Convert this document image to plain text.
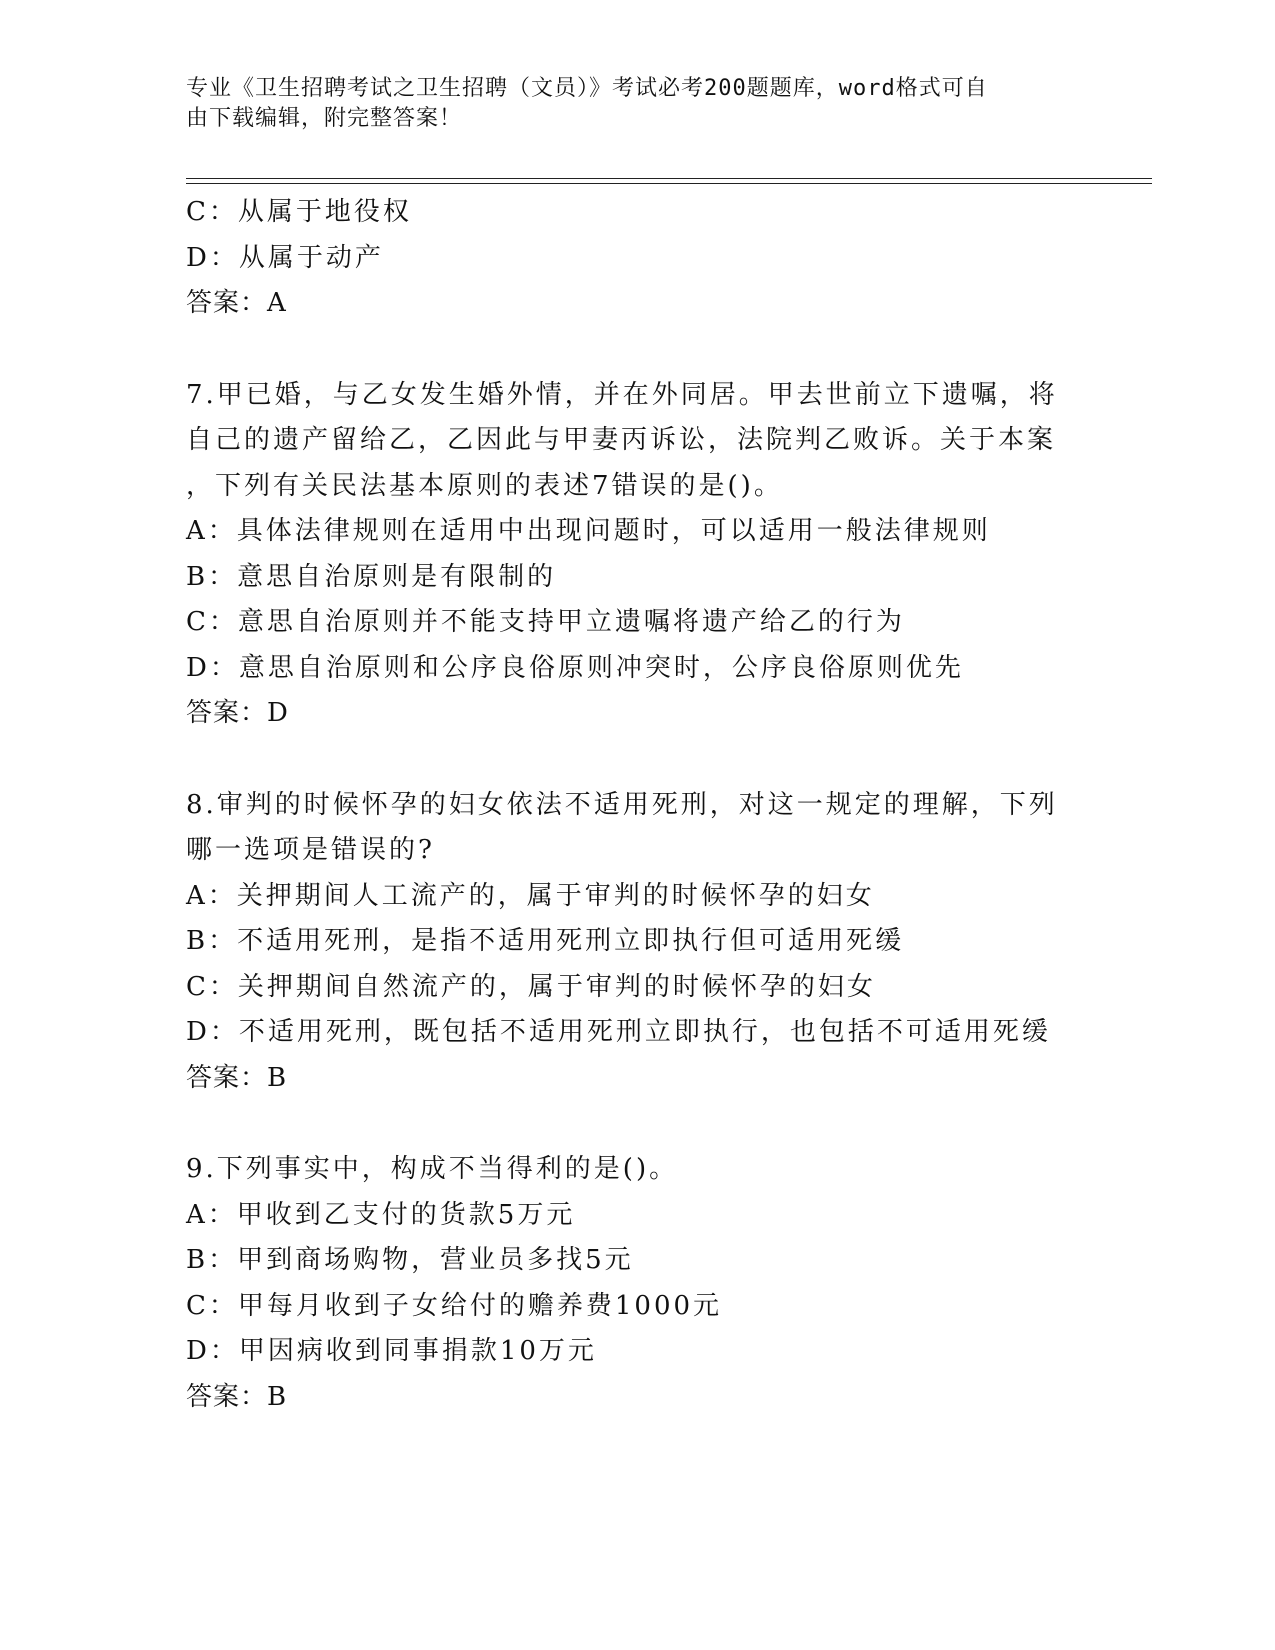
专业《卫生招聘考试之卫生招聘（文员）》考试必考200题题库，word格式可自
由下载编辑，附完整答案！
C：从属于地役权
D：从属于动产
答案：A
7.甲已婚，与乙女发生婚外情，并在外同居。甲去世前立下遗嘱，将
自己的遗产留给乙，乙因此与甲妻丙诉讼，法院判乙败诉。关于本案
，下列有关民法基本原则的表述7错误的是()。
A：具体法律规则在适用中出现问题时，可以适用一般法律规则
B：意思自治原则是有限制的
C：意思自治原则并不能支持甲立遗嘱将遗产给乙的行为
D：意思自治原则和公序良俗原则冲突时，公序良俗原则优先
答案：D
8.审判的时候怀孕的妇女依法不适用死刑，对这一规定的理解，下列
哪一选项是错误的?
A：关押期间人工流产的，属于审判的时候怀孕的妇女
B：不适用死刑，是指不适用死刑立即执行但可适用死缓
C：关押期间自然流产的，属于审判的时候怀孕的妇女
D：不适用死刑，既包括不适用死刑立即执行，也包括不可适用死缓
答案：B
9.下列事实中，构成不当得利的是()。
A：甲收到乙支付的货款5万元
B：甲到商场购物，营业员多找5元
C：甲每月收到子女给付的赡养费1000元
D：甲因病收到同事捐款10万元
答案：B
